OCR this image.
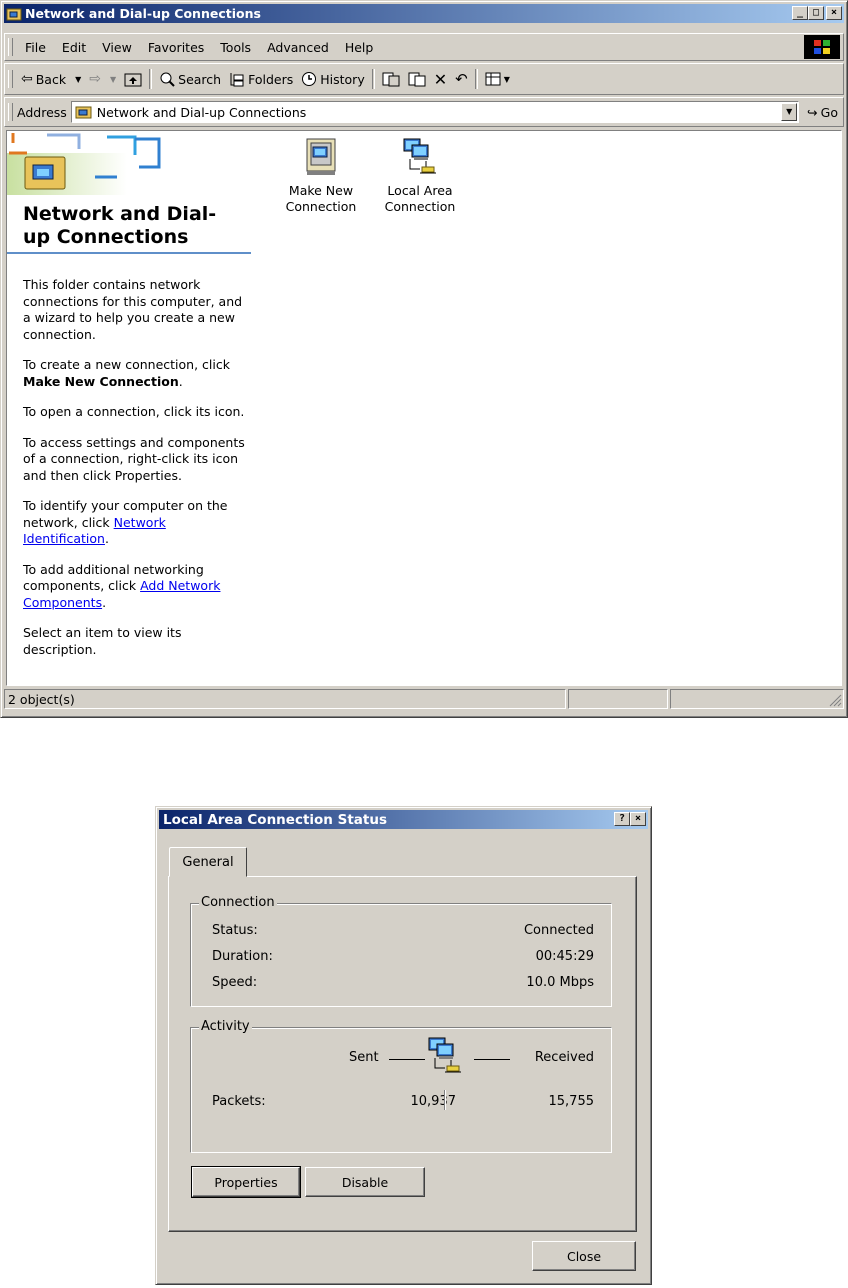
Network and Dial-up Connections	_ □	×
File	Edit	View	Favorites	Tools	Advanced	Help
⇦ Back ▼ ⇨ ▼	Search Folders History	✕ ↶	▼
Address Network and Dial-up Connections	▼	↪ Go
Network and Dial-up Connections

This folder contains network connections for this computer, and a wizard to help you create a new connection.

To create a new connection, click Make New Connection.

To open a connection, click its icon.

To access settings and components of a connection, right-click its icon and then click Properties.

To identify your computer on the network, click Network Identification.

To add additional networking components, click Add Network Components.

Select an item to view its description.

Make New
Connection
Local Area
Connection
2 object(s)
Local Area Connection Status	? ×
General
Connection
Status:	Connected
Duration:	00:45:29
Speed:	10.0 Mbps
Activity
Sent	Received
Packets:	10,937	15,755
Properties	Disable
Close
